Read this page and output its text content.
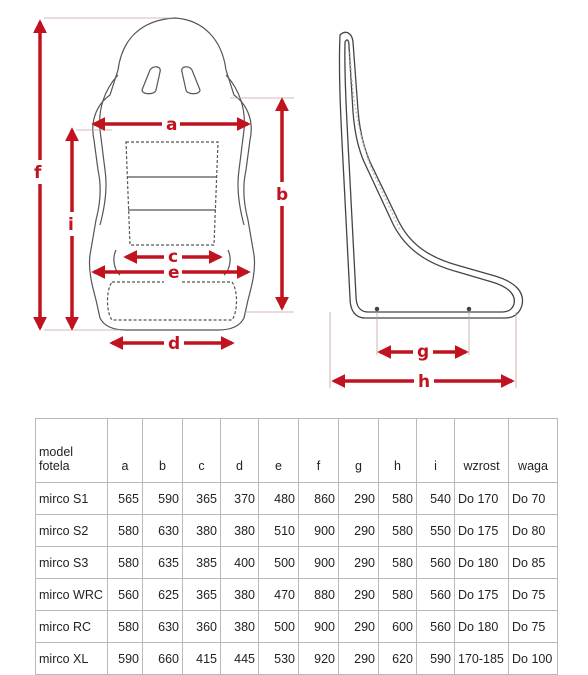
f
i
a
b
c
e
d	g
h
model fotela	a	b	c	d	e	f	g	h	i	wzrost	waga
mirco S1	565	590	365	370	480	860	290	580	540	Do 170	Do 70
mirco S2	580	630	380	380	510	900	290	580	550	Do 175	Do 80
mirco S3	580	635	385	400	500	900	290	580	560	Do 180	Do 85
mirco WRC	560	625	365	380	470	880	290	580	560	Do 175	Do 75
mirco RC	580	630	360	380	500	900	290	600	560	Do 180	Do 75
mirco XL	590	660	415	445	530	920	290	620	590	170-185	Do 100
